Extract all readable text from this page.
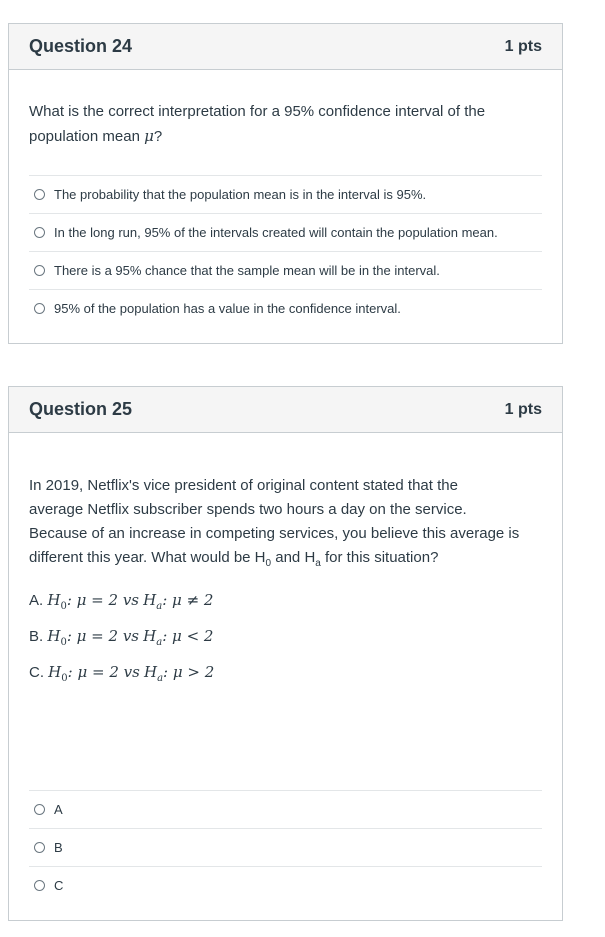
Question 24	1 pts
What is the correct interpretation for a 95% confidence interval of the
population mean μ?
The probability that the population mean is in the interval is 95%.
In the long run, 95% of the intervals created will contain the population mean.
There is a 95% chance that the sample mean will be in the interval.
95% of the population has a value in the confidence interval.
Question 25	1 pts
In 2019, Netflix's vice president of original content stated that the
average Netflix subscriber spends two hours a day on the service.
Because of an increase in competing services, you believe this average is
different this year. What would be $H_0$ and $H_a$ for this situation?

A. $H_0$: μ = 2 vs $H_a$: μ ≠ 2

B. $H_0$: μ = 2 vs $H_a$: μ < 2

C. $H_0$: μ = 2 vs $H_a$: μ > 2

A
B
C
